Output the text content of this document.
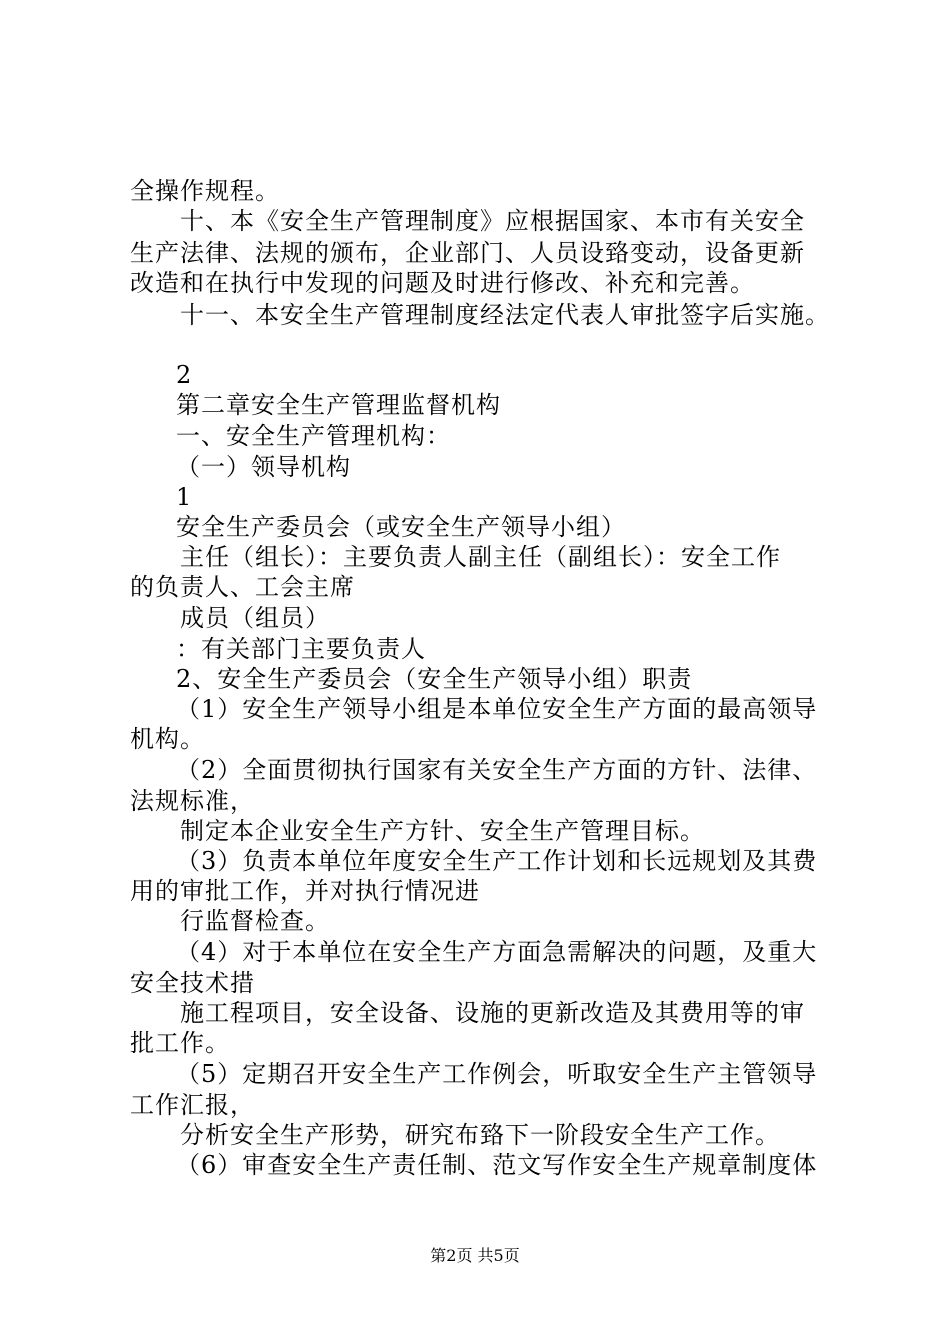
全操作规程。
十、本《安全生产管理制度》应根据国家、本市有关安全
生产法律、法规的颁布，企业部门、人员设臵变动，设备更新
改造和在执行中发现的问题及时进行修改、补充和完善。
十一、本安全生产管理制度经法定代表人审批签字后实施。
2
第二章安全生产管理监督机构
一、安全生产管理机构：
（一）领导机构
1
安全生产委员会（或安全生产领导小组）
主任（组长）：主要负责人副主任（副组长）：安全工作
的负责人、工会主席
成员（组员）
：有关部门主要负责人
2、安全生产委员会（安全生产领导小组）职责
（1）安全生产领导小组是本单位安全生产方面的最高领导
机构。
（2）全面贯彻执行国家有关安全生产方面的方针、法律、
法规标准，
制定本企业安全生产方针、安全生产管理目标。
（3）负责本单位年度安全生产工作计划和长远规划及其费
用的审批工作，并对执行情况进
行监督检查。
（4）对于本单位在安全生产方面急需解决的问题，及重大
安全技术措
施工程项目，安全设备、设施的更新改造及其费用等的审
批工作。
（5）定期召开安全生产工作例会，听取安全生产主管领导
工作汇报，
分析安全生产形势，研究布臵下一阶段安全生产工作。
（6）审查安全生产责任制、范文写作安全生产规章制度体
第2页 共5页
